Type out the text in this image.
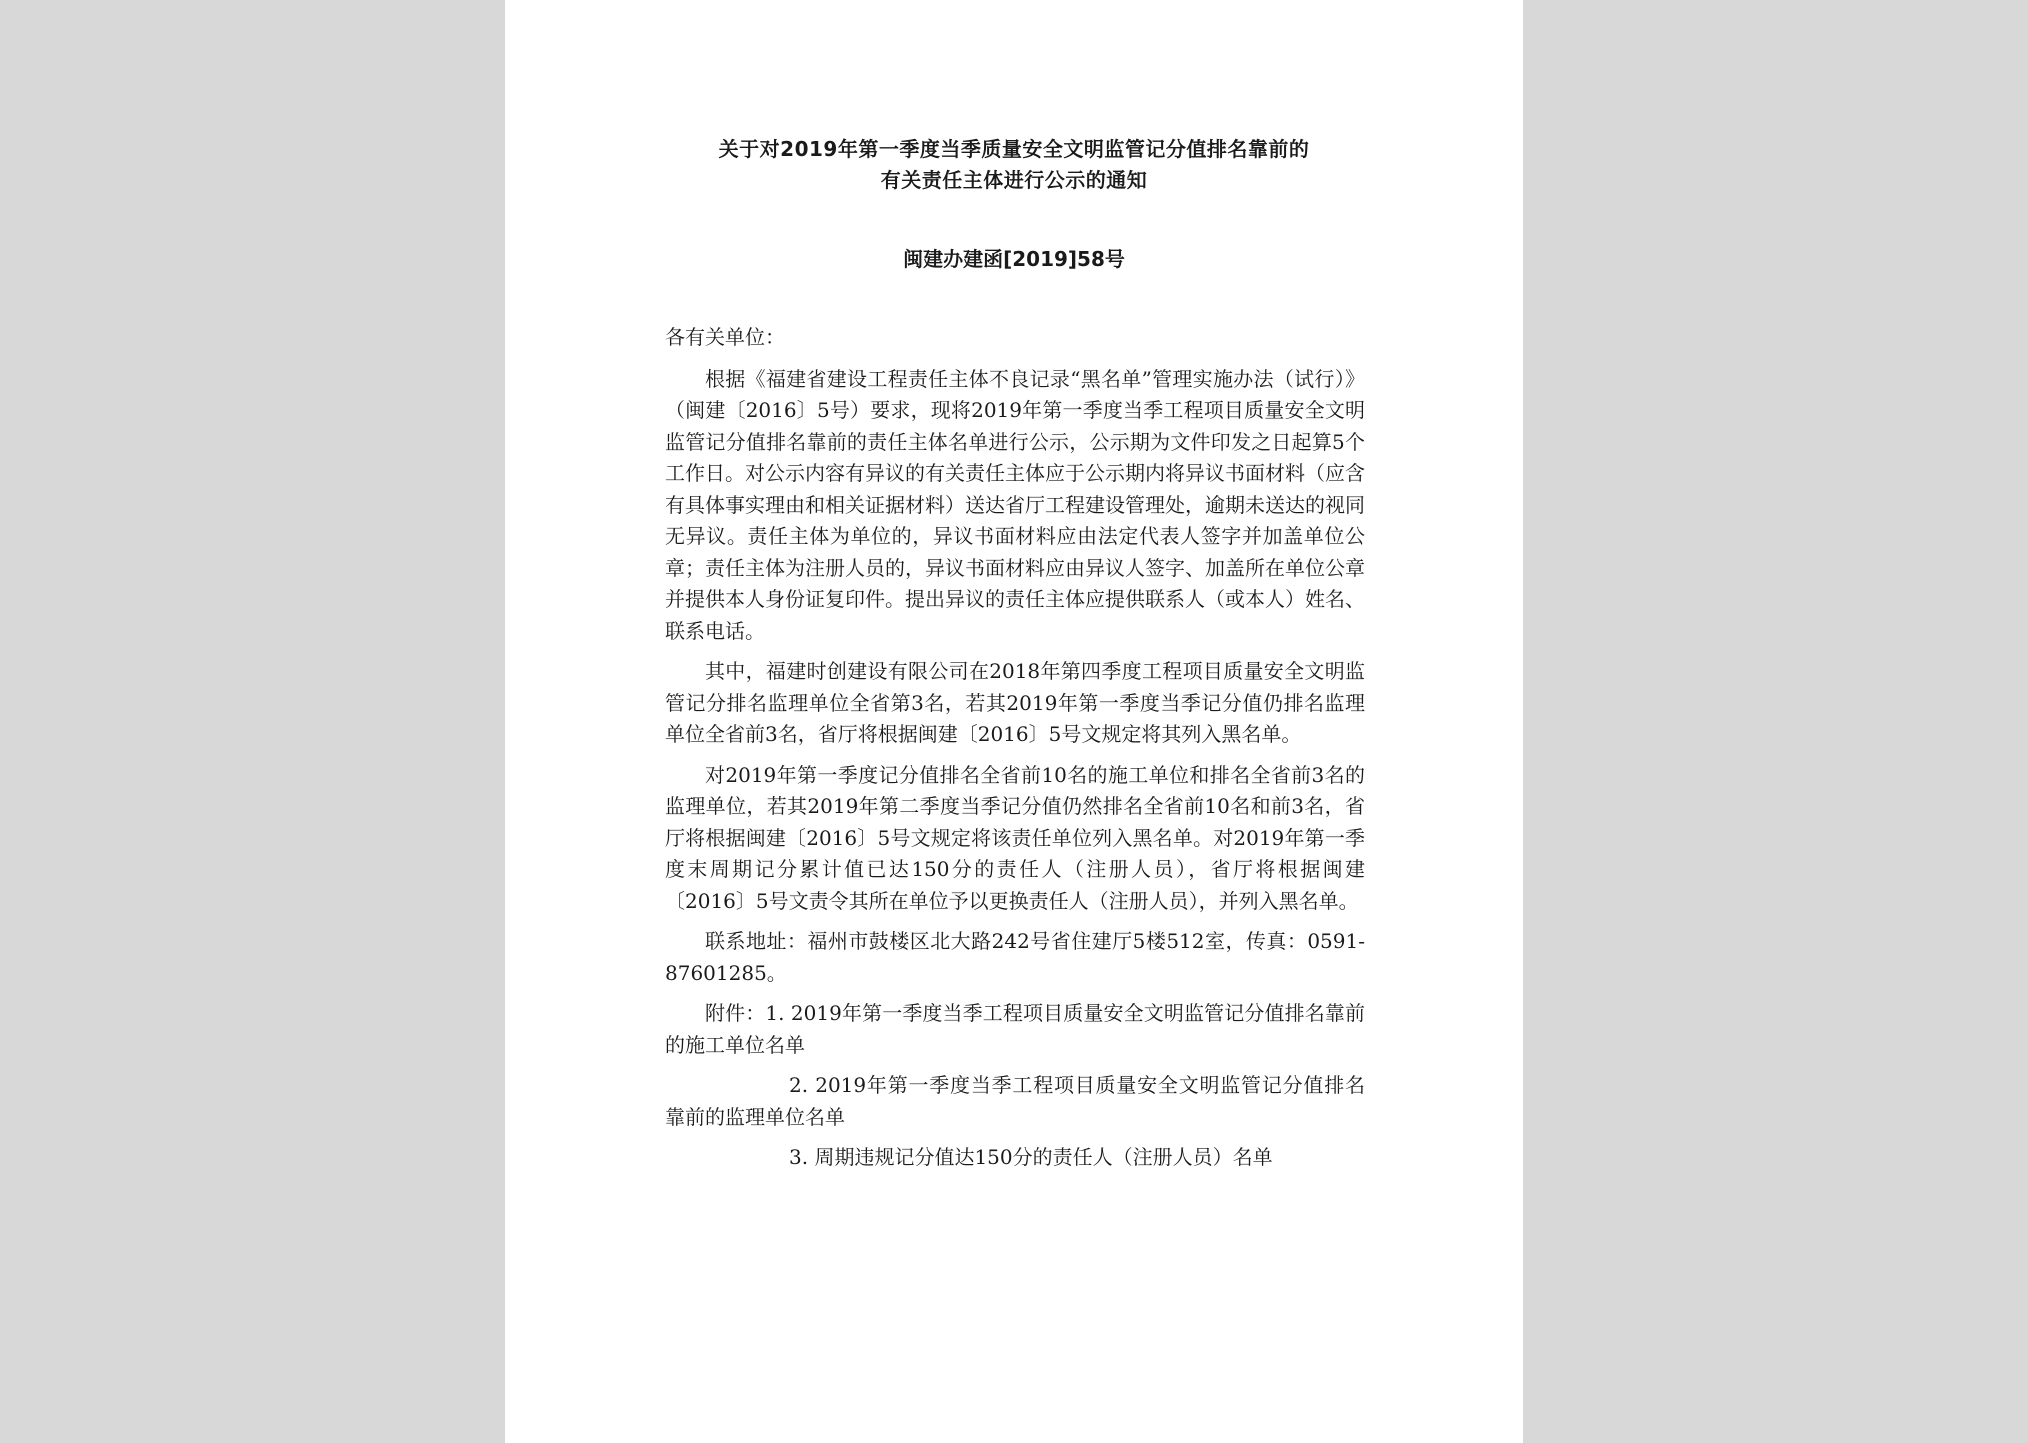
关于对2019年第一季度当季质量安全文明监管记分值排名靠前的
有关责任主体进行公示的通知
闽建办建函[2019]58号

各有关单位：

根据《福建省建设工程责任主体不良记录“黑名单”管理实施办法（试行）》（闽建〔2016〕5号）要求，现将2019年第一季度当季工程项目质量安全文明监管记分值排名靠前的责任主体名单进行公示，公示期为文件印发之日起算5个工作日。对公示内容有异议的有关责任主体应于公示期内将异议书面材料（应含有具体事实理由和相关证据材料）送达省厅工程建设管理处，逾期未送达的视同无异议。责任主体为单位的，异议书面材料应由法定代表人签字并加盖单位公章；责任主体为注册人员的，异议书面材料应由异议人签字、加盖所在单位公章并提供本人身份证复印件。提出异议的责任主体应提供联系人（或本人）姓名、联系电话。

其中，福建时创建设有限公司在2018年第四季度工程项目质量安全文明监管记分排名监理单位全省第3名，若其2019年第一季度当季记分值仍排名监理单位全省前3名，省厅将根据闽建〔2016〕5号文规定将其列入黑名单。

对2019年第一季度记分值排名全省前10名的施工单位和排名全省前3名的监理单位，若其2019年第二季度当季记分值仍然排名全省前10名和前3名，省厅将根据闽建〔2016〕5号文规定将该责任单位列入黑名单。对2019年第一季度末周期记分累计值已达150分的责任人（注册人员），省厅将根据闽建〔2016〕5号文责令其所在单位予以更换责任人（注册人员），并列入黑名单。

联系地址：福州市鼓楼区北大路242号省住建厅5楼512室，传真：0591-87601285。

附件：1. 2019年第一季度当季工程项目质量安全文明监管记分值排名靠前的施工单位名单

2. 2019年第一季度当季工程项目质量安全文明监管记分值排名靠前的监理单位名单

3. 周期违规记分值达150分的责任人（注册人员）名单
